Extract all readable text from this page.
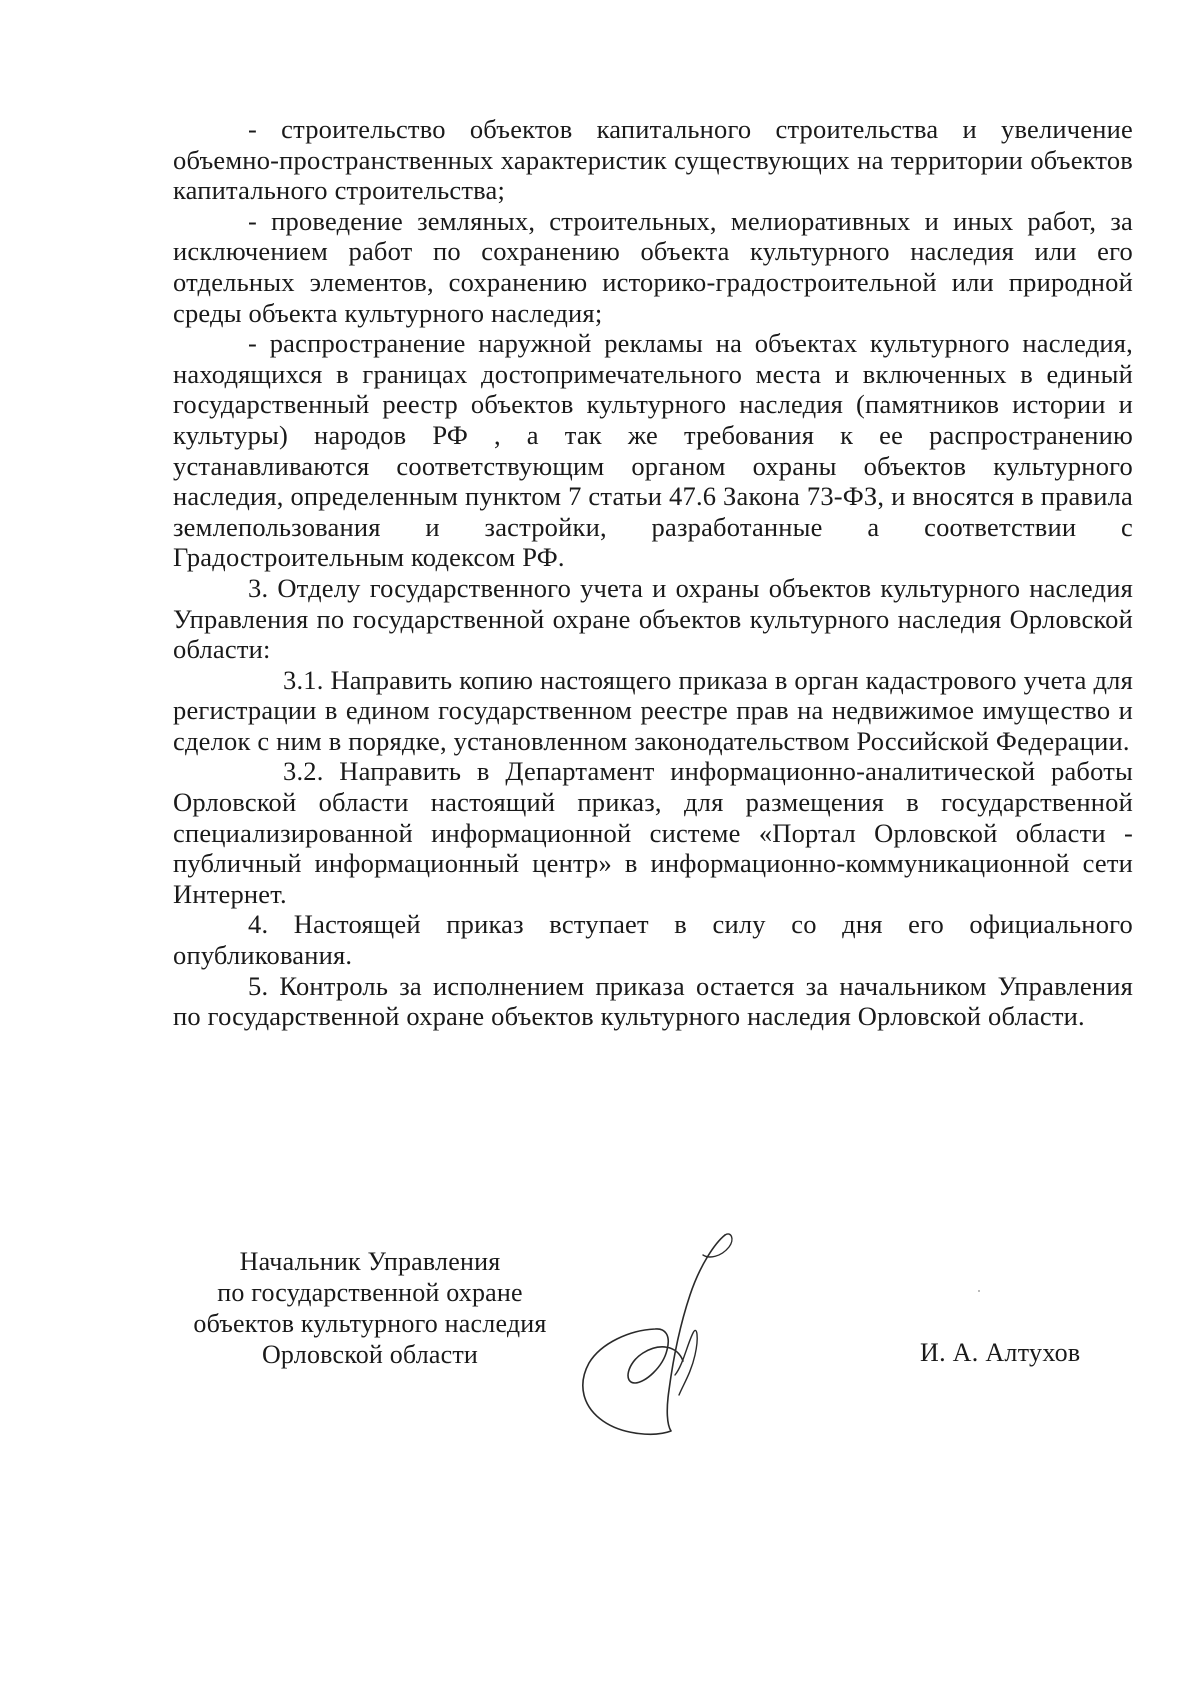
- строительство объектов капитального строительства и увеличение объемно-пространственных характеристик существующих на территории объектов капитального строительства;

- проведение земляных, строительных, мелиоративных и иных работ, за исключением работ по сохранению объекта культурного наследия или его отдельных элементов, сохранению историко-градостроительной или природной среды объекта культурного наследия;

- распространение наружной рекламы на объектах культурного наследия, находящихся в границах достопримечательного места и включенных в единый государственный реестр объектов культурного наследия (памятников истории и культуры) народов РФ , а так же требования к ее распространению устанавливаются соответствующим органом охраны объектов культурного наследия, определенным пунктом 7 статьи 47.6 Закона 73-ФЗ, и вносятся в правила землепользования и застройки, разработанные а соответствии с Градостроительным кодексом РФ.

3. Отделу государственного учета и охраны объектов культурного наследия Управления по государственной охране объектов культурного наследия Орловской области:

3.1. Направить копию настоящего приказа в орган кадастрового учета для регистрации в едином государственном реестре прав на недвижимое имущество и сделок с ним в порядке, установленном законодательством Российской Федерации.

3.2. Направить в Департамент информационно-аналитической работы Орловской области настоящий приказ, для размещения в государственной специализированной информационной системе «Портал Орловской области - публичный информационный центр» в информационно-коммуникационной сети Интернет.

4. Настоящей приказ вступает в силу со дня его официального опубликования.

5. Контроль за исполнением приказа остается за начальником Управления по государственной охране объектов культурного наследия Орловской области.

Начальник Управления
по государственной охране
объектов культурного наследия
Орловской области	И. А. Алтухов
